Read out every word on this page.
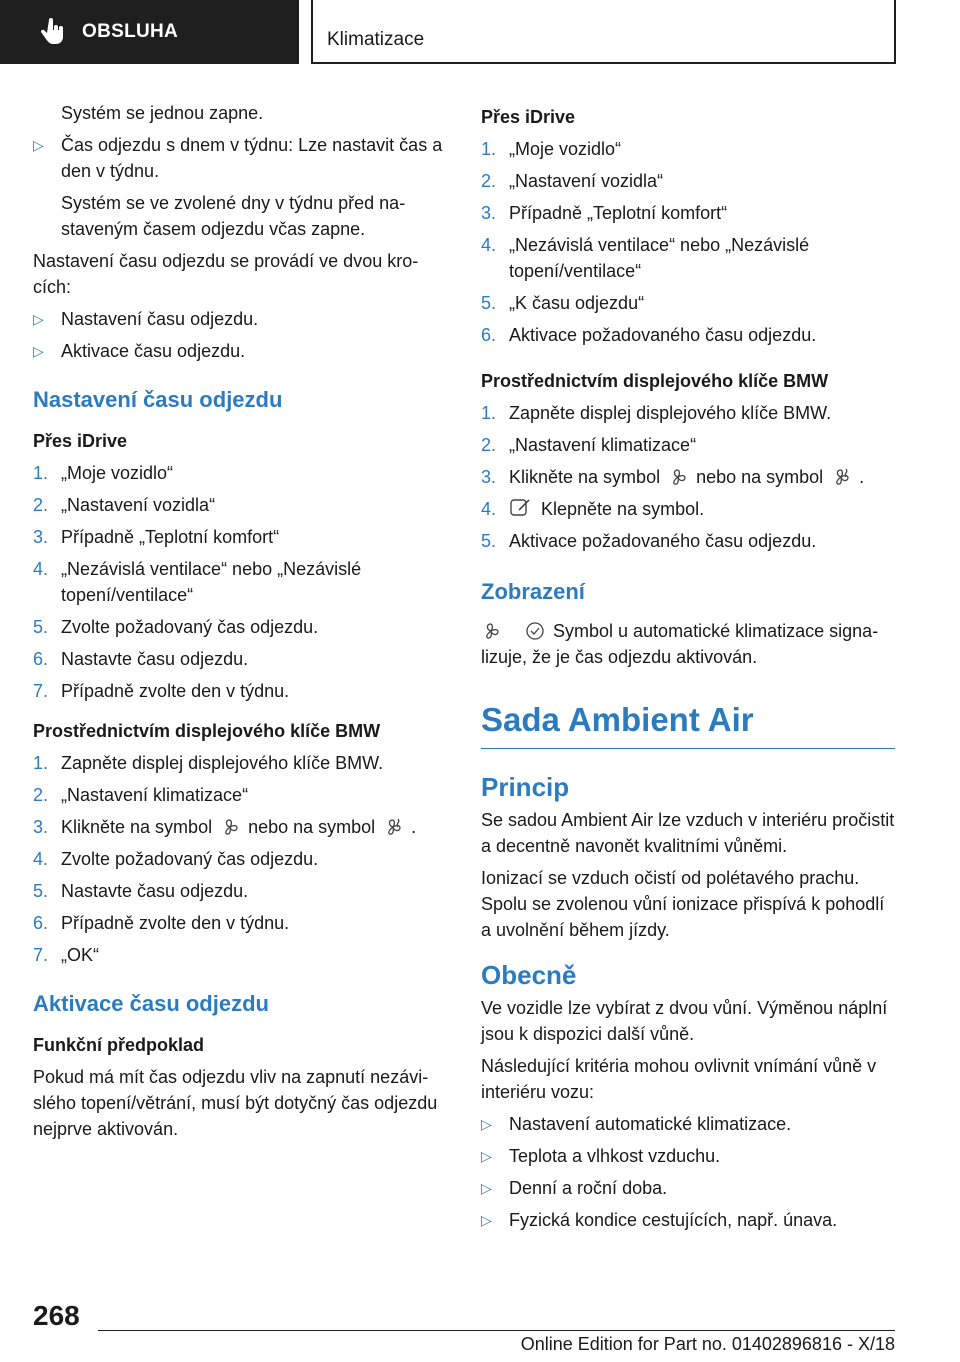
OBSLUHA	Klimatizace

Systém se jednou zapne.

▷ Čas odjezdu s dnem v týdnu: Lze nastavit čas a den v týdnu.

Systém se ve zvolené dny v týdnu před nastaveným časem odjezdu včas zapne.

Nastavení času odjezdu se provádí ve dvou krocích:

▷ Nastavení času odjezdu.
▷ Aktivace času odjezdu.
Nastavení času odjezdu
Přes iDrive
1. „Moje vozidlo“
2. „Nastavení vozidla“
3. Případně „Teplotní komfort“
4. „Nezávislá ventilace“ nebo „Nezávislé topení/ventilace“
5. Zvolte požadovaný čas odjezdu.
6. Nastavte času odjezdu.
7. Případně zvolte den v týdnu.
Prostřednictvím displejového klíče BMW
1. Zapněte displej displejového klíče BMW.
2. „Nastavení klimatizace“
3. Klikněte na symbol nebo na symbol .
4. Zvolte požadovaný čas odjezdu.
5. Nastavte času odjezdu.
6. Případně zvolte den v týdnu.
7. „OK“
Aktivace času odjezdu
Funkční předpoklad

Pokud má mít čas odjezdu vliv na zapnutí nezávislého topení/větrání, musí být dotyčný čas odjezdu nejprve aktivován.

Přes iDrive
1. „Moje vozidlo“
2. „Nastavení vozidla“
3. Případně „Teplotní komfort“
4. „Nezávislá ventilace“ nebo „Nezávislé topení/ventilace“
5. „K času odjezdu“
6. Aktivace požadovaného času odjezdu.
Prostřednictvím displejového klíče BMW
1. Zapněte displej displejového klíče BMW.
2. „Nastavení klimatizace“
3. Klikněte na symbol nebo na symbol .
4. Klepněte na symbol.
5. Aktivace požadovaného času odjezdu.
Zobrazení

Symbol u automatické klimatizace signalizuje, že je čas odjezdu aktivován.

Sada Ambient Air
Princip

Se sadou Ambient Air lze vzduch v interiéru pročistit a decentně navonět kvalitními vůněmi.

Ionizací se vzduch očistí od polétavého prachu. Spolu se zvolenou vůní ionizace přispívá k pohodlí a uvolnění během jízdy.

Obecně

Ve vozidle lze vybírat z dvou vůní. Výměnou náplní jsou k dispozici další vůně.

Následující kritéria mohou ovlivnit vnímání vůně v interiéru vozu:

▷ Nastavení automatické klimatizace.
▷ Teplota a vlhkost vzduchu.
▷ Denní a roční doba.
▷ Fyzická kondice cestujících, např. únava.
268
Online Edition for Part no. 01402896816 - X/18
